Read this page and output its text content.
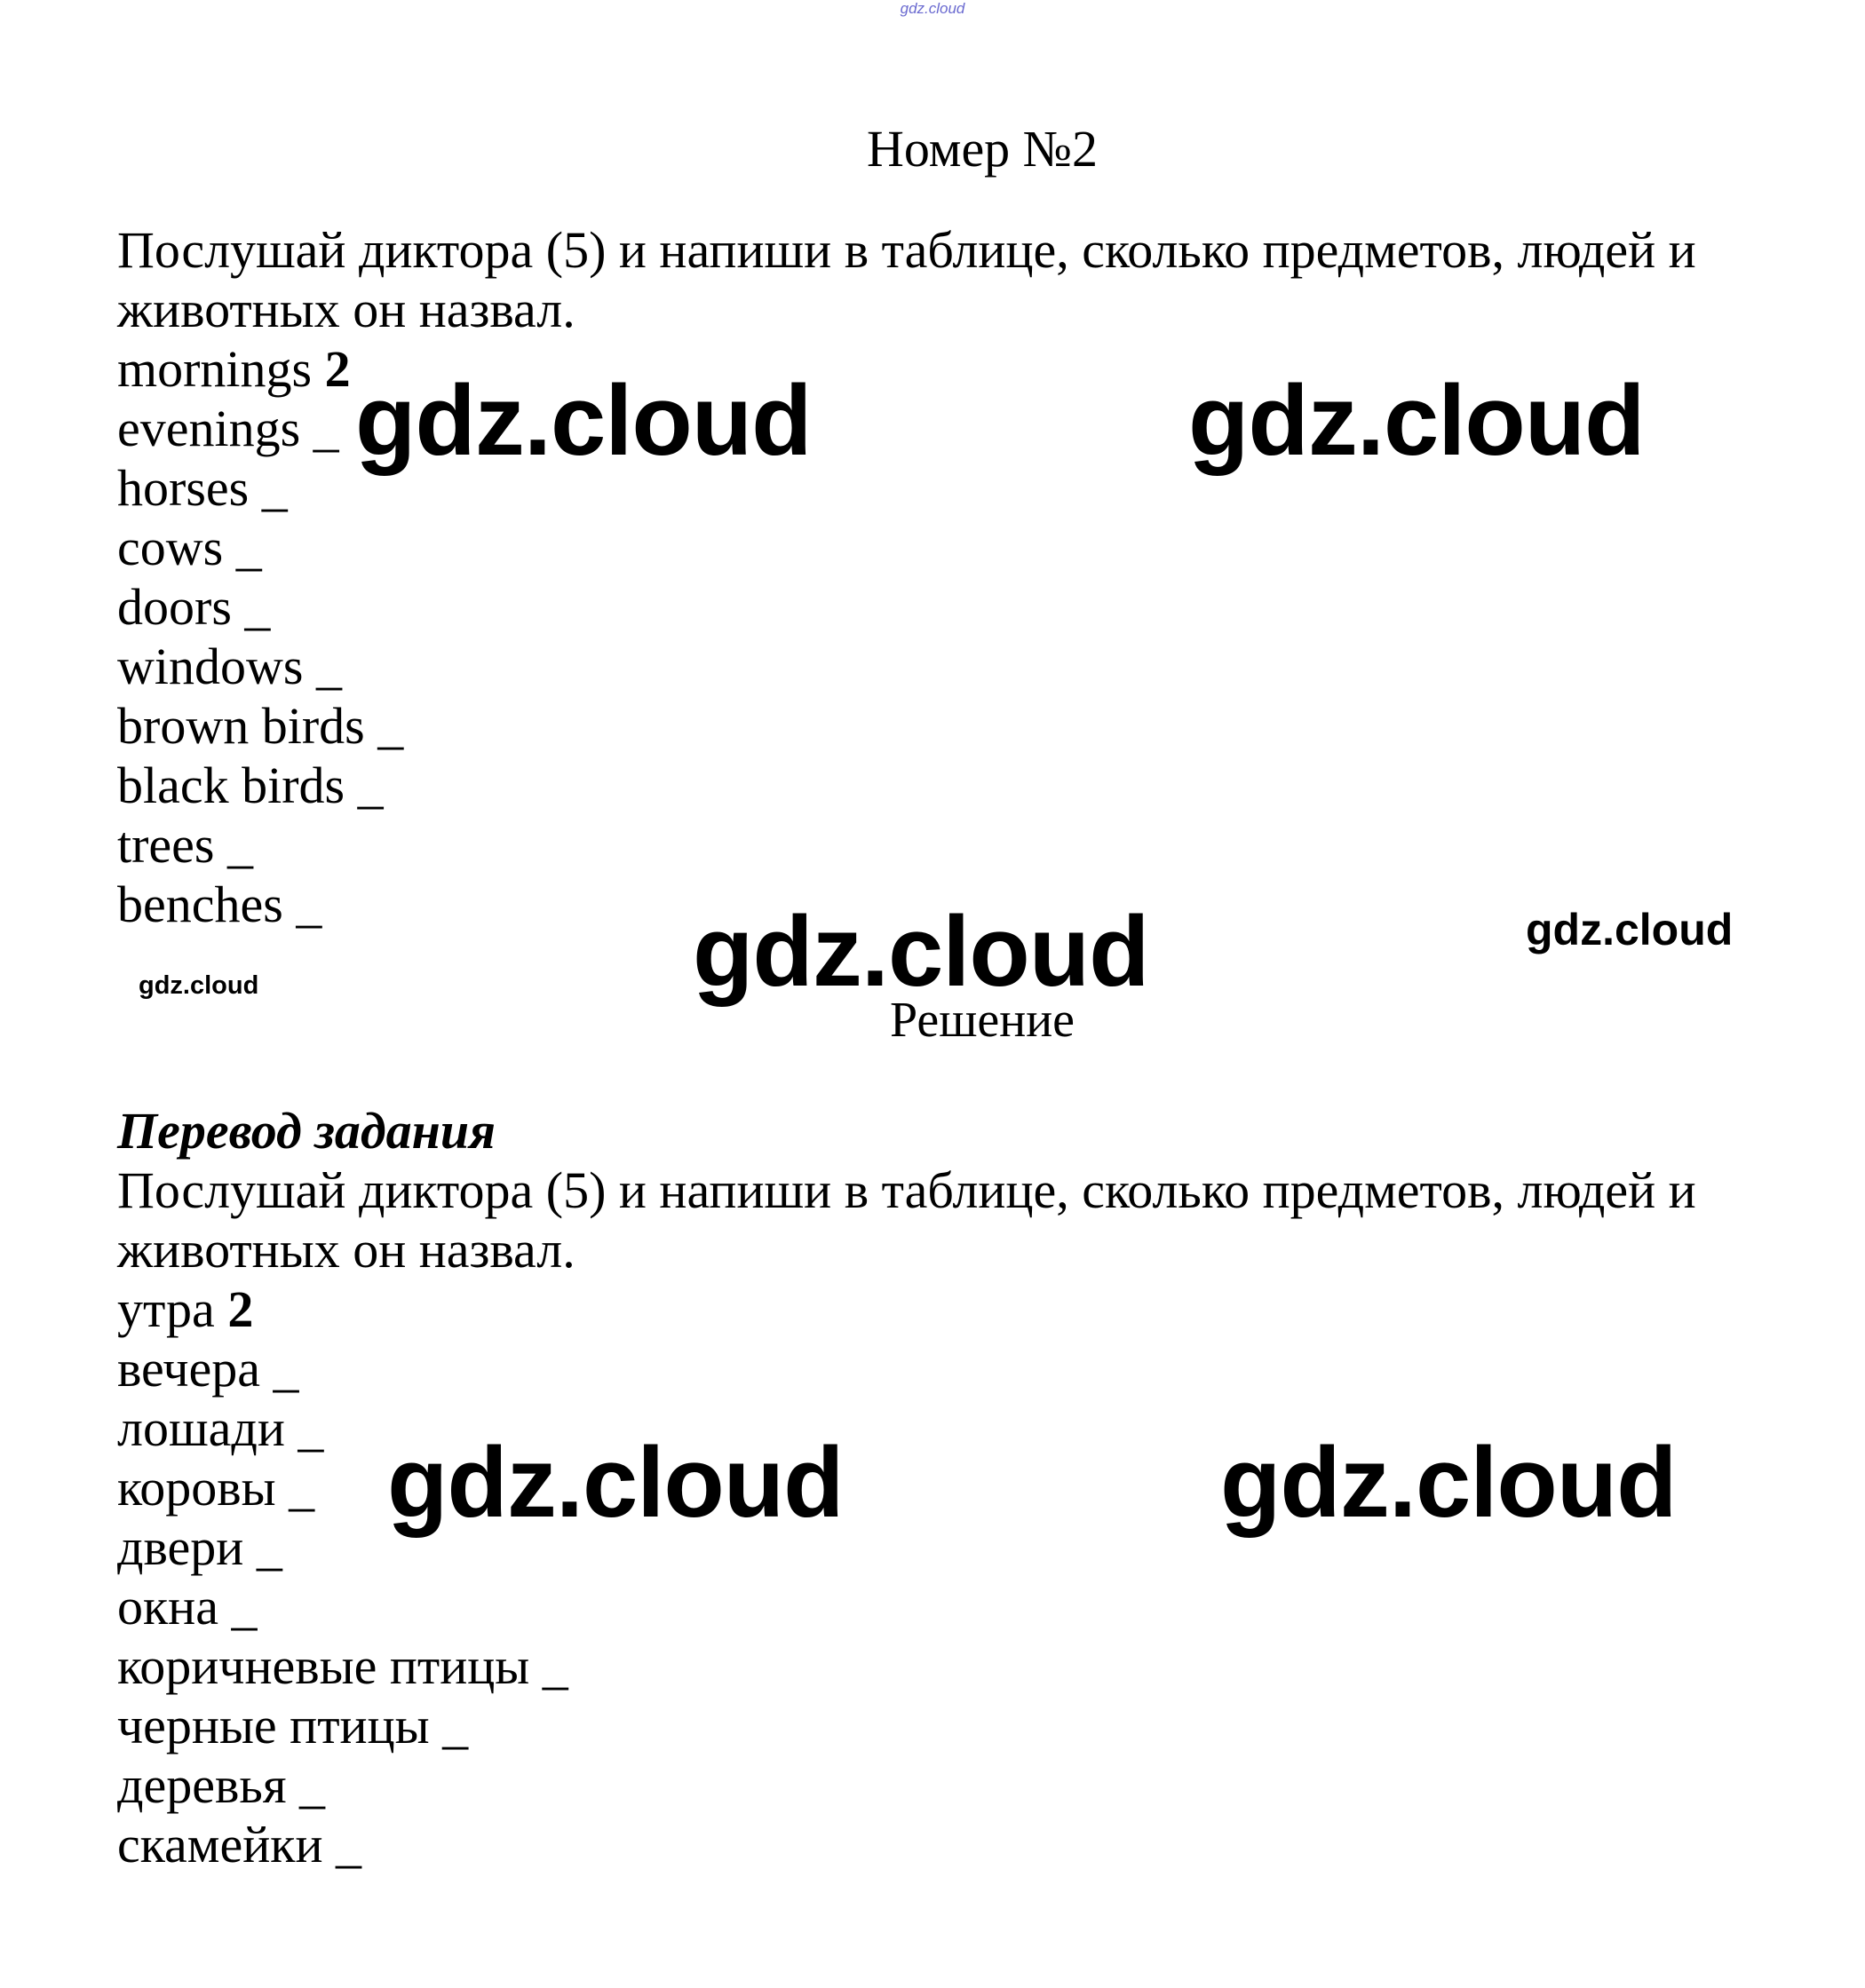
gdz.cloud
Номер №2
Послушай диктора (5) и напиши в таблице, сколько предметов, людей и
животных он назвал.
mornings 2
evenings _
horses _
cows _
doors _
windows _
brown birds _
black birds _
trees _
benches _
Решение
Перевод задания
Послушай диктора (5) и напиши в таблице, сколько предметов, людей и
животных он назвал.
утра 2
вечера _
лошади _
коровы _
двери _
окна _
коричневые птицы _
черные птицы _
деревья _
скамейки _
gdz.cloud	gdz.cloud
gdz.cloud	gdz.cloud
gdz.cloud
gdz.cloud	gdz.cloud
